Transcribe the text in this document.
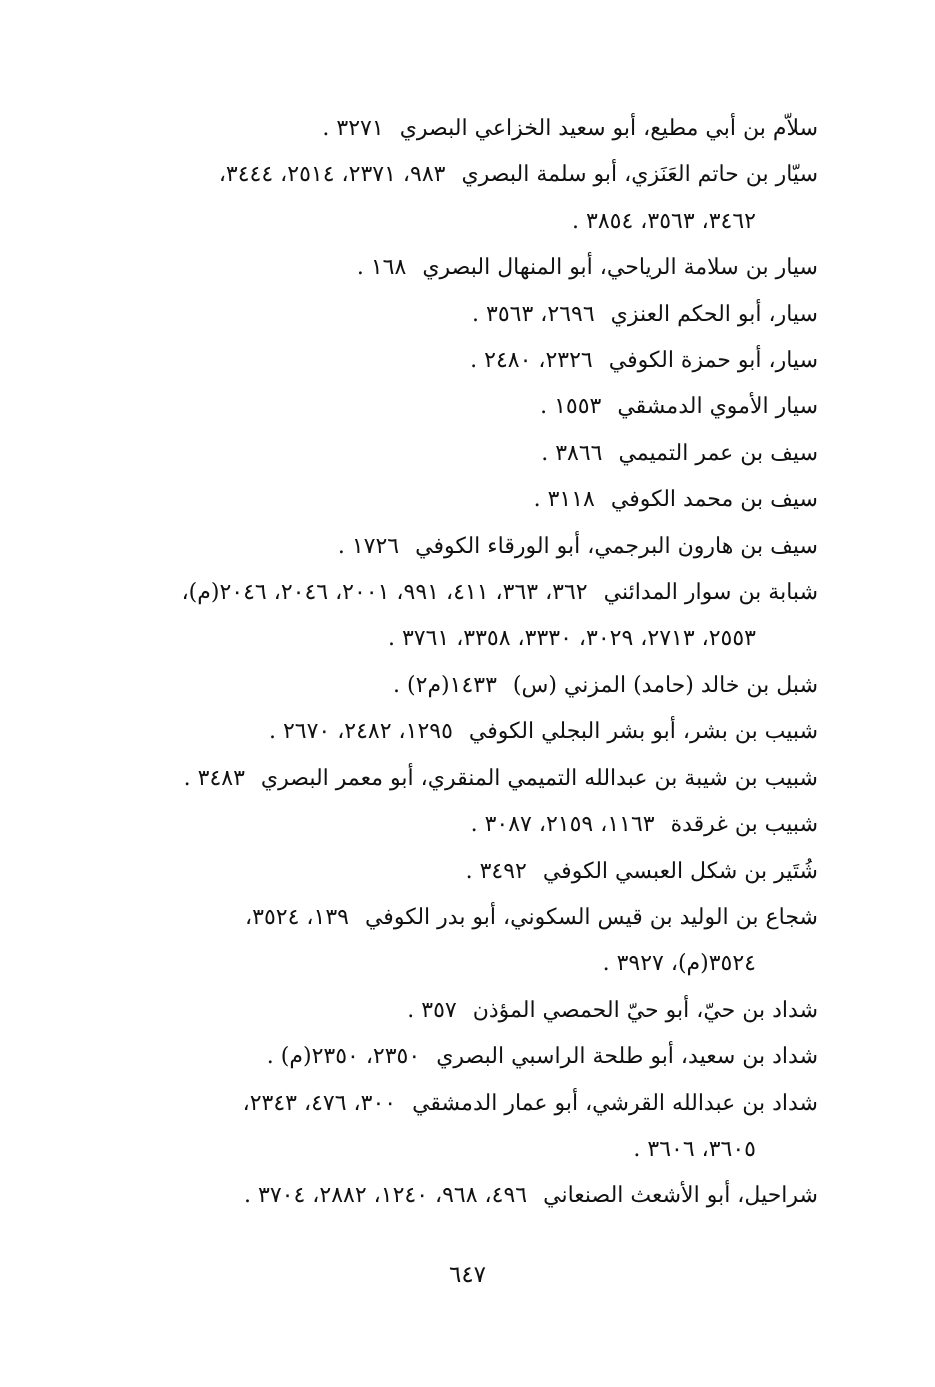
سلاّم بن أبي مطيع، أبو سعيد الخزاعي البصري٣٢٧١ .
سيّار بن حاتم العَنَزي، أبو سلمة البصري٩٨٣، ٢٣٧١، ٢٥١٤، ٣٤٤٤،
٣٤٦٢، ٣٥٦٣، ٣٨٥٤ .
سيار بن سلامة الرياحي، أبو المنهال البصري١٦٨ .
سيار، أبو الحكم العنزي٢٦٩٦، ٣٥٦٣ .
سيار، أبو حمزة الكوفي٢٣٢٦، ٢٤٨٠ .
سيار الأموي الدمشقي١٥٥٣ .
سيف بن عمر التميمي٣٨٦٦ .
سيف بن محمد الكوفي٣١١٨ .
سيف بن هارون البرجمي، أبو الورقاء الكوفي١٧٢٦ .
شبابة بن سوار المدائني٣٦٢، ٣٦٣، ٤١١، ٩٩١، ٢٠٠١، ٢٠٤٦، ٢٠٤٦(م)،
٢٥٥٣، ٢٧١٣، ٣٠٢٩، ٣٣٣٠، ٣٣٥٨، ٣٧٦١ .
شبل بن خالد (حامد) المزني (س)١٤٣٣(م٢) .
شبيب بن بشر، أبو بشر البجلي الكوفي١٢٩٥، ٢٤٨٢، ٢٦٧٠ .
شبيب بن شيبة بن عبدالله التميمي المنقري، أبو معمر البصري٣٤٨٣ .
شبيب بن غرقدة١١٦٣، ٢١٥٩، ٣٠٨٧ .
شُتَير بن شكل العبسي الكوفي٣٤٩٢ .
شجاع بن الوليد بن قيس السكوني، أبو بدر الكوفي١٣٩، ٣٥٢٤،
٣٥٢٤(م)، ٣٩٢٧ .
شداد بن حيّ، أبو حيّ الحمصي المؤذن٣٥٧ .
شداد بن سعيد، أبو طلحة الراسبي البصري٢٣٥٠، ٢٣٥٠(م) .
شداد بن عبدالله القرشي، أبو عمار الدمشقي٣٠٠، ٤٧٦، ٢٣٤٣،
٣٦٠٥، ٣٦٠٦ .
شراحيل، أبو الأشعث الصنعاني٤٩٦، ٩٦٨، ١٢٤٠، ٢٨٨٢، ٣٧٠٤ .
٦٤٧
